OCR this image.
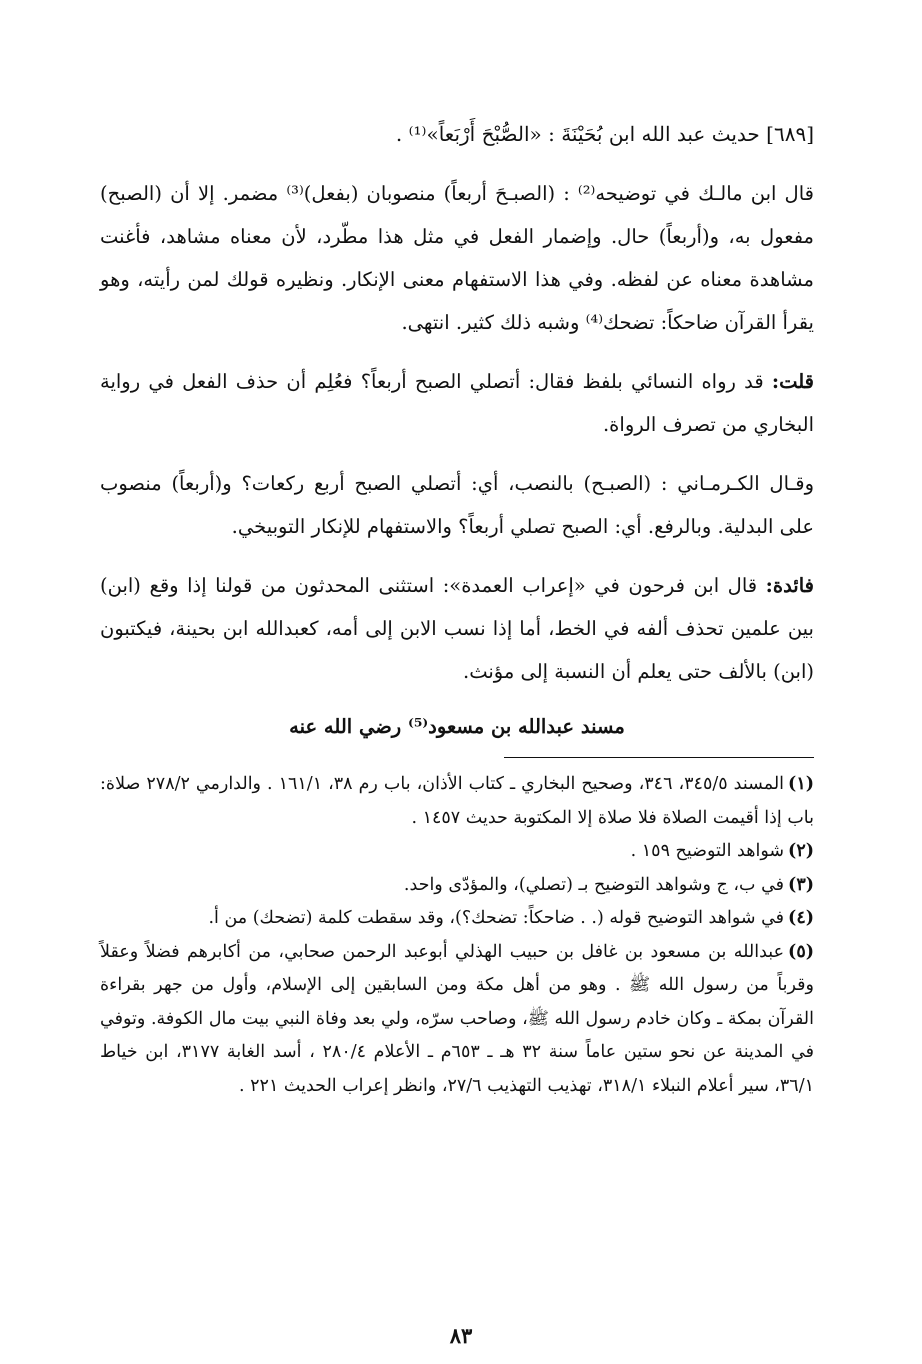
[٦٨٩] حديث عبد الله ابن بُحَيْنَةَ : «الصُّبْحَ أَرْبَعاً»⁽¹⁾ .

قال ابن مالـك في توضيحه⁽²⁾ : (الصبـحَ أربعاً) منصوبان (بفعل)⁽³⁾ مضمر. إلا أن (الصبح) مفعول به، و(أربعاً) حال. وإضمار الفعل في مثل هذا مطّرد، لأن معناه مشاهد، فأغنت مشاهدة معناه عن لفظه. وفي هذا الاستفهام معنى الإنكار. ونظيره قولك لمن رأيته، وهو يقرأ القرآن ضاحكاً: تضحك⁽⁴⁾ وشبه ذلك كثير. انتهى.

قلت: قد رواه النسائي بلفظ فقال: أتصلي الصبح أربعاً؟ فعُلِم أن حذف الفعل في رواية البخاري من تصرف الرواة.

وقـال الكـرمـاني : (الصبـح) بالنصب، أي: أتصلي الصبح أربع ركعات؟ و(أربعاً) منصوب على البدلية. وبالرفع. أي: الصبح تصلي أربعاً؟ والاستفهام للإنكار التوبيخي.

فائدة: قال ابن فرحون في «إعراب العمدة»: استثنى المحدثون من قولنا إذا وقع (ابن) بين علمين تحذف ألفه في الخط، أما إذا نسب الابن إلى أمه، كعبدالله ابن بحينة، فيكتبون (ابن) بالألف حتى يعلم أن النسبة إلى مؤنث.

مسند عبدالله بن مسعود⁽⁵⁾ رضي الله عنه

(١)المسند ٣٤٥/٥، ٣٤٦، وصحيح البخاري ـ كتاب الأذان، باب رم ٣٨، ١٦١/١ . والدارمي ٢٧٨/٢ صلاة: باب إذا أقيمت الصلاة فلا صلاة إلا المكتوبة حديث ١٤٥٧ .

(٢)شواهد التوضيح ١٥٩ .

(٣)في ب، ج وشواهد التوضيح بـ (تصلي)، والمؤدّى واحد.

(٤)في شواهد التوضيح قوله (. . ضاحكاً: تضحك؟)، وقد سقطت كلمة (تضحك) من أ.

(٥)عبدالله بن مسعود بن غافل بن حبيب الهذلي أبوعبد الرحمن صحابي، من أكابرهم فضلاً وعقلاً وقرباً من رسول الله ﷺ . وهو من أهل مكة ومن السابقين إلى الإسلام، وأول من جهر بقراءة القرآن بمكة ـ وكان خادم رسول الله ﷺ، وصاحب سرّه، ولي بعد وفاة النبي بيت مال الكوفة. وتوفي في المدينة عن نحو ستين عاماً سنة ٣٢ هـ ـ ٦٥٣م ـ الأعلام ٢٨٠/٤ ، أسد الغابة ٣١٧٧، ابن خياط ٣٦/١، سير أعلام النبلاء ٣١٨/١، تهذيب التهذيب ٢٧/٦، وانظر إعراب الحديث ٢٢١ .

٨٣
